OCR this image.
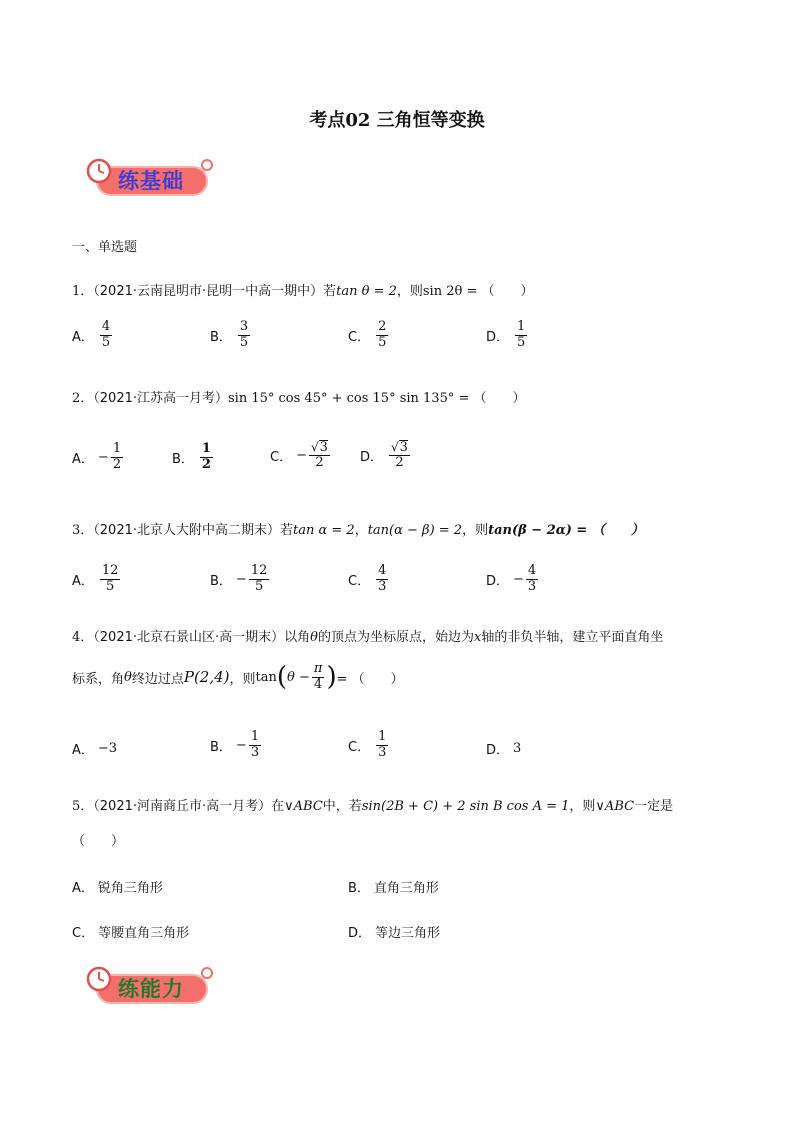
考点02 三角恒等变换
练基础
一、单选题
1．（2021·云南昆明市·昆明一中高一期中）若tan θ = 2，则sin 2θ = （　　）
A． $\frac{4}{5}$	B． $\frac{3}{5}$	C． $\frac{2}{5}$	D． $\frac{1}{5}$
2．（2021·江苏高一月考）sin 15° cos 45° + cos 15° sin 135° = （　　）
A． − $\frac{1}{2}$	B． $\frac{1}{2}$	C． − $\frac{√ 3}{2}$ D． $\frac{√ 3}{2}$
3．（2021·北京人大附中高二期末）若tan α = 2，tan(α − β) = 2，则tan(β − 2α) = （　　）
A． $\frac{12}{5}$	B． − $\frac{12}{5}$	C． $\frac{4}{3}$	D． − $\frac{4}{3}$
4．（2021·北京石景山区·高一期末）以角θ的顶点为坐标原点，始边为x轴的非负半轴，建立平面直角坐
标系，角 θ 终边过点 P(2,4) ，则 tan ( $\theta - \frac{\pi}{4}$ ) = （　　）
A． −3	B． − $\frac{1}{3}$	C． $\frac{1}{3}$	D． 3
5．（2021·河南商丘市·高一月考）在∨ABC中，若sin(2B + C) + 2 sin B cos A = 1，则∨ABC一定是
（　　）
A． 锐角三角形	B． 直角三角形
C． 等腰直角三角形	D． 等边三角形
练能力
